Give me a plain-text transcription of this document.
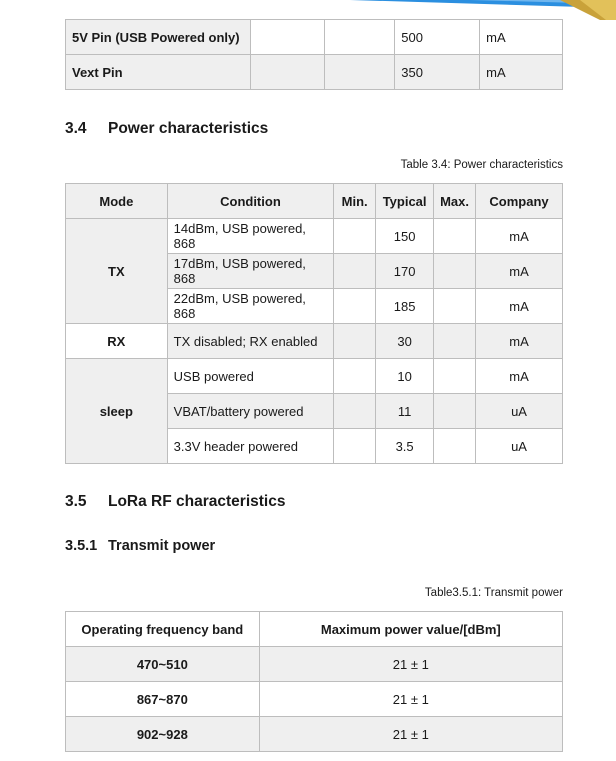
5V Pin (USB Powered only)			500	mA
Vext Pin			350	mA
3.4 Power characteristics
Table 3.4: Power characteristics
Mode	Condition	Min.	Typical	Max.	Company
TX	14dBm, USB powered, 868		150		mA
	17dBm, USB powered, 868		170		mA
	22dBm, USB powered, 868		185		mA
RX	TX disabled; RX enabled		30		mA
sleep	USB powered		10		mA
	VBAT/battery powered		11		uA
	3.3V header powered		3.5		uA
3.5 LoRa RF characteristics
3.5.1 Transmit power
Table3.5.1: Transmit power
Operating frequency band	Maximum power value/[dBm]
470~510	21 ± 1
867~870	21 ± 1
902~928	21 ± 1
